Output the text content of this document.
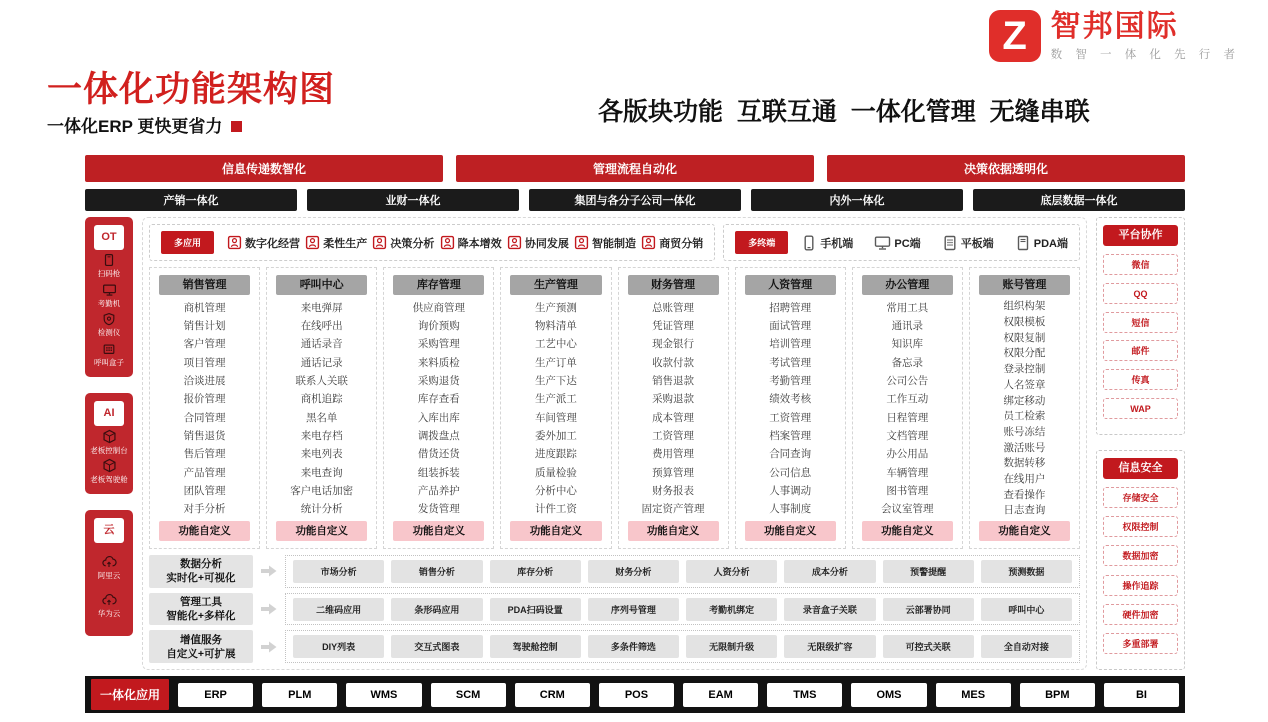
一体化功能架构图
一体化ERP 更快更省力
各版块功能  互联互通  一体化管理  无缝串联
Z 智邦国际
数 智 一 体 化 先 行 者
信息传递数智化	管理流程自动化	决策依据透明化
产销一体化	业财一体化	集团与各分子公司一体化	内外一体化	底层数据一体化
OT
扫码枪
考勤机
检测仪
呼叫盒子
AI
老板控制台
老板驾驶舱
云
阿里云
华为云
多应用	数字化经营 柔性生产 决策分析 降本增效 协同发展 智能制造 商贸分销	多终端	手机端	PC端	平板端	PDA端
销售管理
商机管理
销售计划
客户管理
项目管理
洽谈进展
报价管理
合同管理
销售退货
售后管理
产品管理
团队管理
对手分析
功能自定义
呼叫中心
来电弹屏
在线呼出
通话录音
通话记录
联系人关联
商机追踪
黑名单
来电存档
来电列表
来电查询
客户电话加密
统计分析
功能自定义
库存管理
供应商管理
询价预购
采购管理
来料质检
采购退货
库存查看
入库出库
调拨盘点
借货还货
组装拆装
产品养护
发货管理
功能自定义
生产管理
生产预测
物料清单
工艺中心
生产订单
生产下达
生产派工
车间管理
委外加工
进度跟踪
质量检验
分析中心
计件工资
功能自定义
财务管理
总账管理
凭证管理
现金银行
收款付款
销售退款
采购退款
成本管理
工资管理
费用管理
预算管理
财务报表
固定资产管理
功能自定义
人资管理
招聘管理
面试管理
培训管理
考试管理
考勤管理
绩效考核
工资管理
档案管理
合同查询
公司信息
人事调动
人事制度
功能自定义
办公管理
常用工具
通讯录
知识库
备忘录
公司公告
工作互动
日程管理
文档管理
办公用品
车辆管理
图书管理
会议室管理
功能自定义
账号管理
组织构架
权限模板
权限复制
权限分配
登录控制
人名签章
绑定移动
员工检索
账号冻结
激活账号
数据转移
在线用户
查看操作
日志查询
功能自定义
数据分析
实时化+可视化
市场分析	销售分析	库存分析	财务分析	人资分析	成本分析	预警提醒	预测数据
管理工具
智能化+多样化
二维码应用	条形码应用	PDA扫码设置	序列号管理	考勤机绑定	录音盒子关联	云部署协同	呼叫中心
增值服务
自定义+可扩展
DIY列表	交互式图表	驾驶舱控制	多条件筛选	无限制升级	无限级扩容	可控式关联	全自动对接
平台协作
微信
QQ
短信
邮件
传真
WAP
信息安全
存储安全
权限控制
数据加密
操作追踪
硬件加密
多重部署
一体化应用	ERP	PLM	WMS	SCM	CRM	POS	EAM	TMS	OMS	MES	BPM	BI
